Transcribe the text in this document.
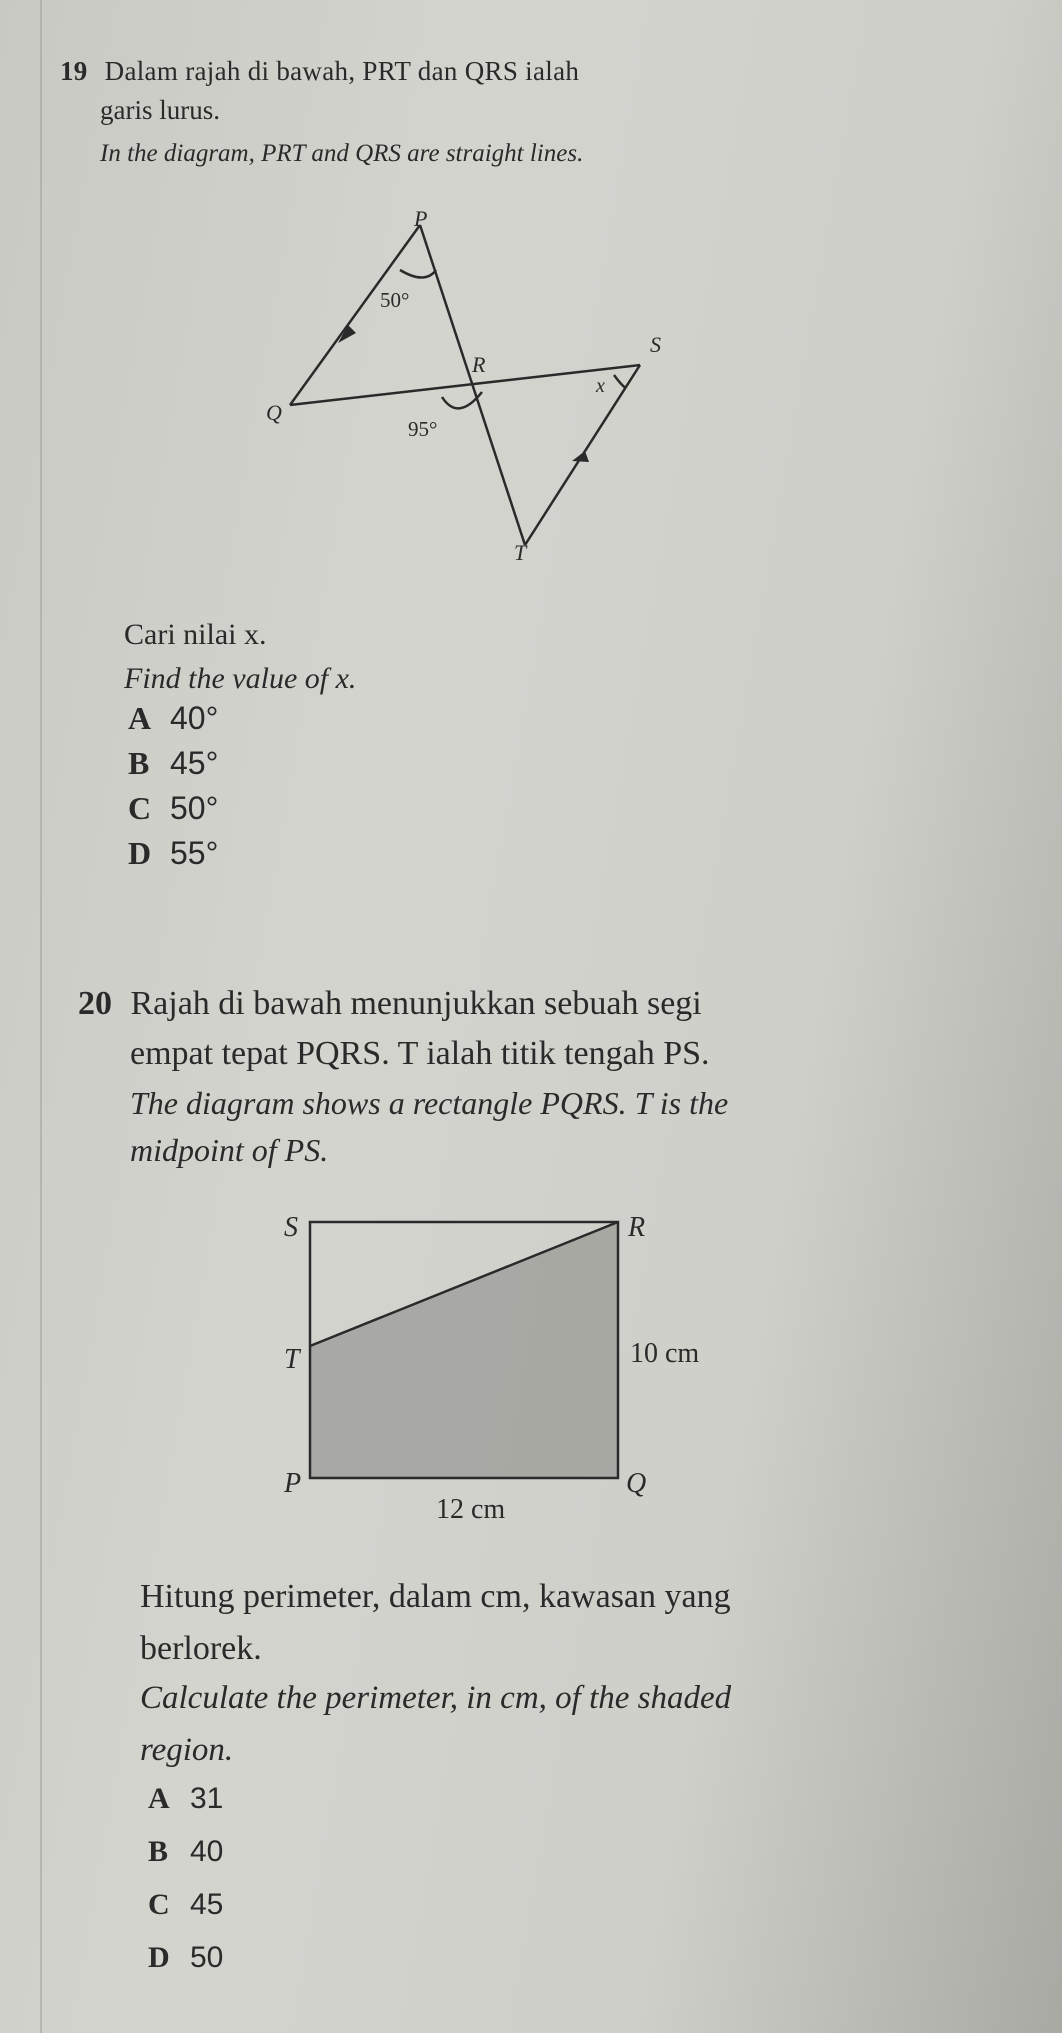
19 Dalam rajah di bawah, PRT dan QRS ialah
garis lurus.
In the diagram, PRT and QRS are straight lines.
P
Q
R
S
T
50°
95°
x
Cari nilai x.
Find the value of x.
A 40°
B 45°
C 50°
D 55°
20 Rajah di bawah menunjukkan sebuah segi
empat tepat PQRS. T ialah titik tengah PS.
The diagram shows a rectangle PQRS. T is the
midpoint of PS.
S	R
T
P	Q
10 cm
12 cm
Hitung perimeter, dalam cm, kawasan yang
berlorek.
Calculate the perimeter, in cm, of the shaded
region.
A 31
B 40
C 45
D 50
